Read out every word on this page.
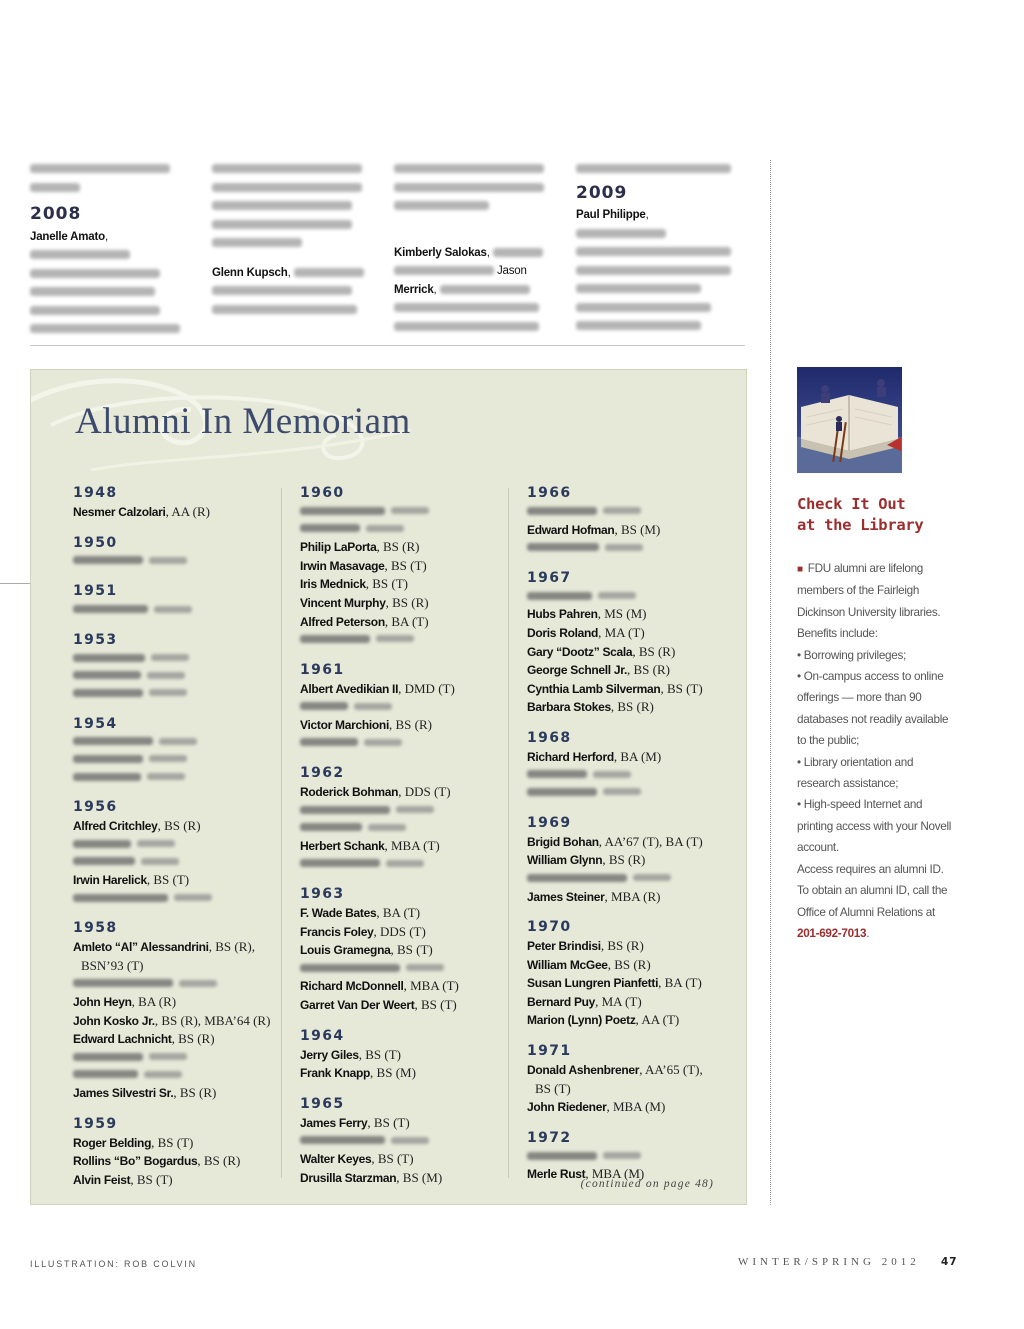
2008
Janelle Amato,
Glenn Kupsch,
Kimberly Salokas,
Jason
Merrick,
2009
Paul Philippe,
Alumni In Memoriam
1948
Nesmer Calzolari, AA (R)
1950
1951
1953
1954
1956
Alfred Critchley, BS (R)
Irwin Harelick, BS (T)
1958
Amleto “Al” Alessandrini, BS (R),
BSN’93 (T)
John Heyn, BA (R)
John Kosko Jr., BS (R), MBA’64 (R)
Edward Lachnicht, BS (R)
James Silvestri Sr., BS (R)
1959
Roger Belding, BS (T)
Rollins “Bo” Bogardus, BS (R)
Alvin Feist, BS (T)
1960
Philip LaPorta, BS (R)
Irwin Masavage, BS (T)
Iris Mednick, BS (T)
Vincent Murphy, BS (R)
Alfred Peterson, BA (T)
1961
Albert Avedikian II, DMD (T)
Victor Marchioni, BS (R)
1962
Roderick Bohman, DDS (T)
Herbert Schank, MBA (T)
1963
F. Wade Bates, BA (T)
Francis Foley, DDS (T)
Louis Gramegna, BS (T)
Richard McDonnell, MBA (T)
Garret Van Der Weert, BS (T)
1964
Jerry Giles, BS (T)
Frank Knapp, BS (M)
1965
James Ferry, BS (T)
Walter Keyes, BS (T)
Drusilla Starzman, BS (M)
1966
Edward Hofman, BS (M)
1967
Hubs Pahren, MS (M)
Doris Roland, MA (T)
Gary “Dootz” Scala, BS (R)
George Schnell Jr., BS (R)
Cynthia Lamb Silverman, BS (T)
Barbara Stokes, BS (R)
1968
Richard Herford, BA (M)
1969
Brigid Bohan, AA’67 (T), BA (T)
William Glynn, BS (R)
James Steiner, MBA (R)
1970
Peter Brindisi, BS (R)
William McGee, BS (R)
Susan Lungren Pianfetti, BA (T)
Bernard Puy, MA (T)
Marion (Lynn) Poetz, AA (T)
1971
Donald Ashenbrener, AA’65 (T),
BS (T)
John Riedener, MBA (M)
1972
Merle Rust, MBA (M)
(continued on page 48)
Check It Out
at the Library
■ FDU alumni are lifelong members of the Fairleigh Dickinson University libraries. Benefits include:
• Borrowing privileges;
• On-campus access to online offerings — more than 90 databases not readily available to the public;
• Library orientation and research assistance;
• High-speed Internet and printing access with your Novell account.
Access requires an alumni ID. To obtain an alumni ID, call the Office of Alumni Relations at 201-692-7013.
ILLUSTRATION: ROB COLVIN	WINTER/SPRING 2012 47
